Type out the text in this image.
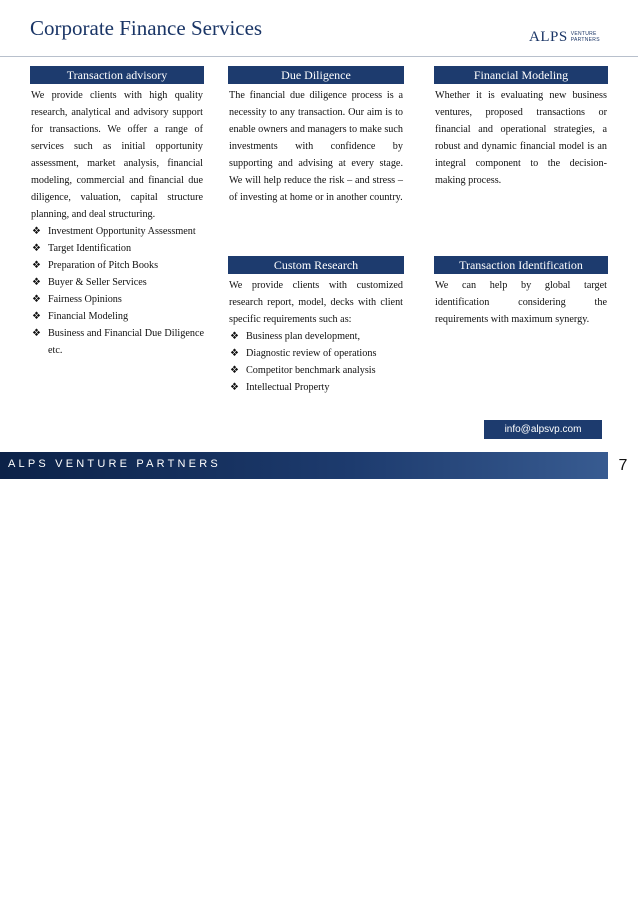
Corporate Finance Services	ALPS VENTURE
PARTNERS
Transaction advisory
We provide clients with high quality research, analytical and advisory support for transactions. We offer a range of services such as initial opportunity assessment, market analysis, financial modeling, commercial and financial due diligence, valuation, capital structure planning, and deal structuring.
❖ Investment Opportunity Assessment
❖ Target Identification
❖ Preparation of Pitch Books
❖ Buyer & Seller Services
❖ Fairness Opinions
❖ Financial Modeling
❖ Business and Financial Due Diligence etc.
Due Diligence
The financial due diligence process is a necessity to any transaction. Our aim is to enable owners and managers to make such investments with confidence by supporting and advising at every stage. We will help reduce the risk – and stress – of investing at home or in another country.
Custom Research
We provide clients with customized research report, model, decks with client specific requirements such as:
❖ Business plan development,
❖ Diagnostic review of operations
❖ Competitor benchmark analysis
❖ Intellectual Property
Financial Modeling
Whether it is evaluating new business ventures, proposed transactions or financial and operational strategies, a robust and dynamic financial model is an integral component to the decision-making process.
Transaction Identification
We can help by global target identification considering the requirements with maximum synergy.
info@alpsvp.com
ALPS VENTURE PARTNERS
page
7
